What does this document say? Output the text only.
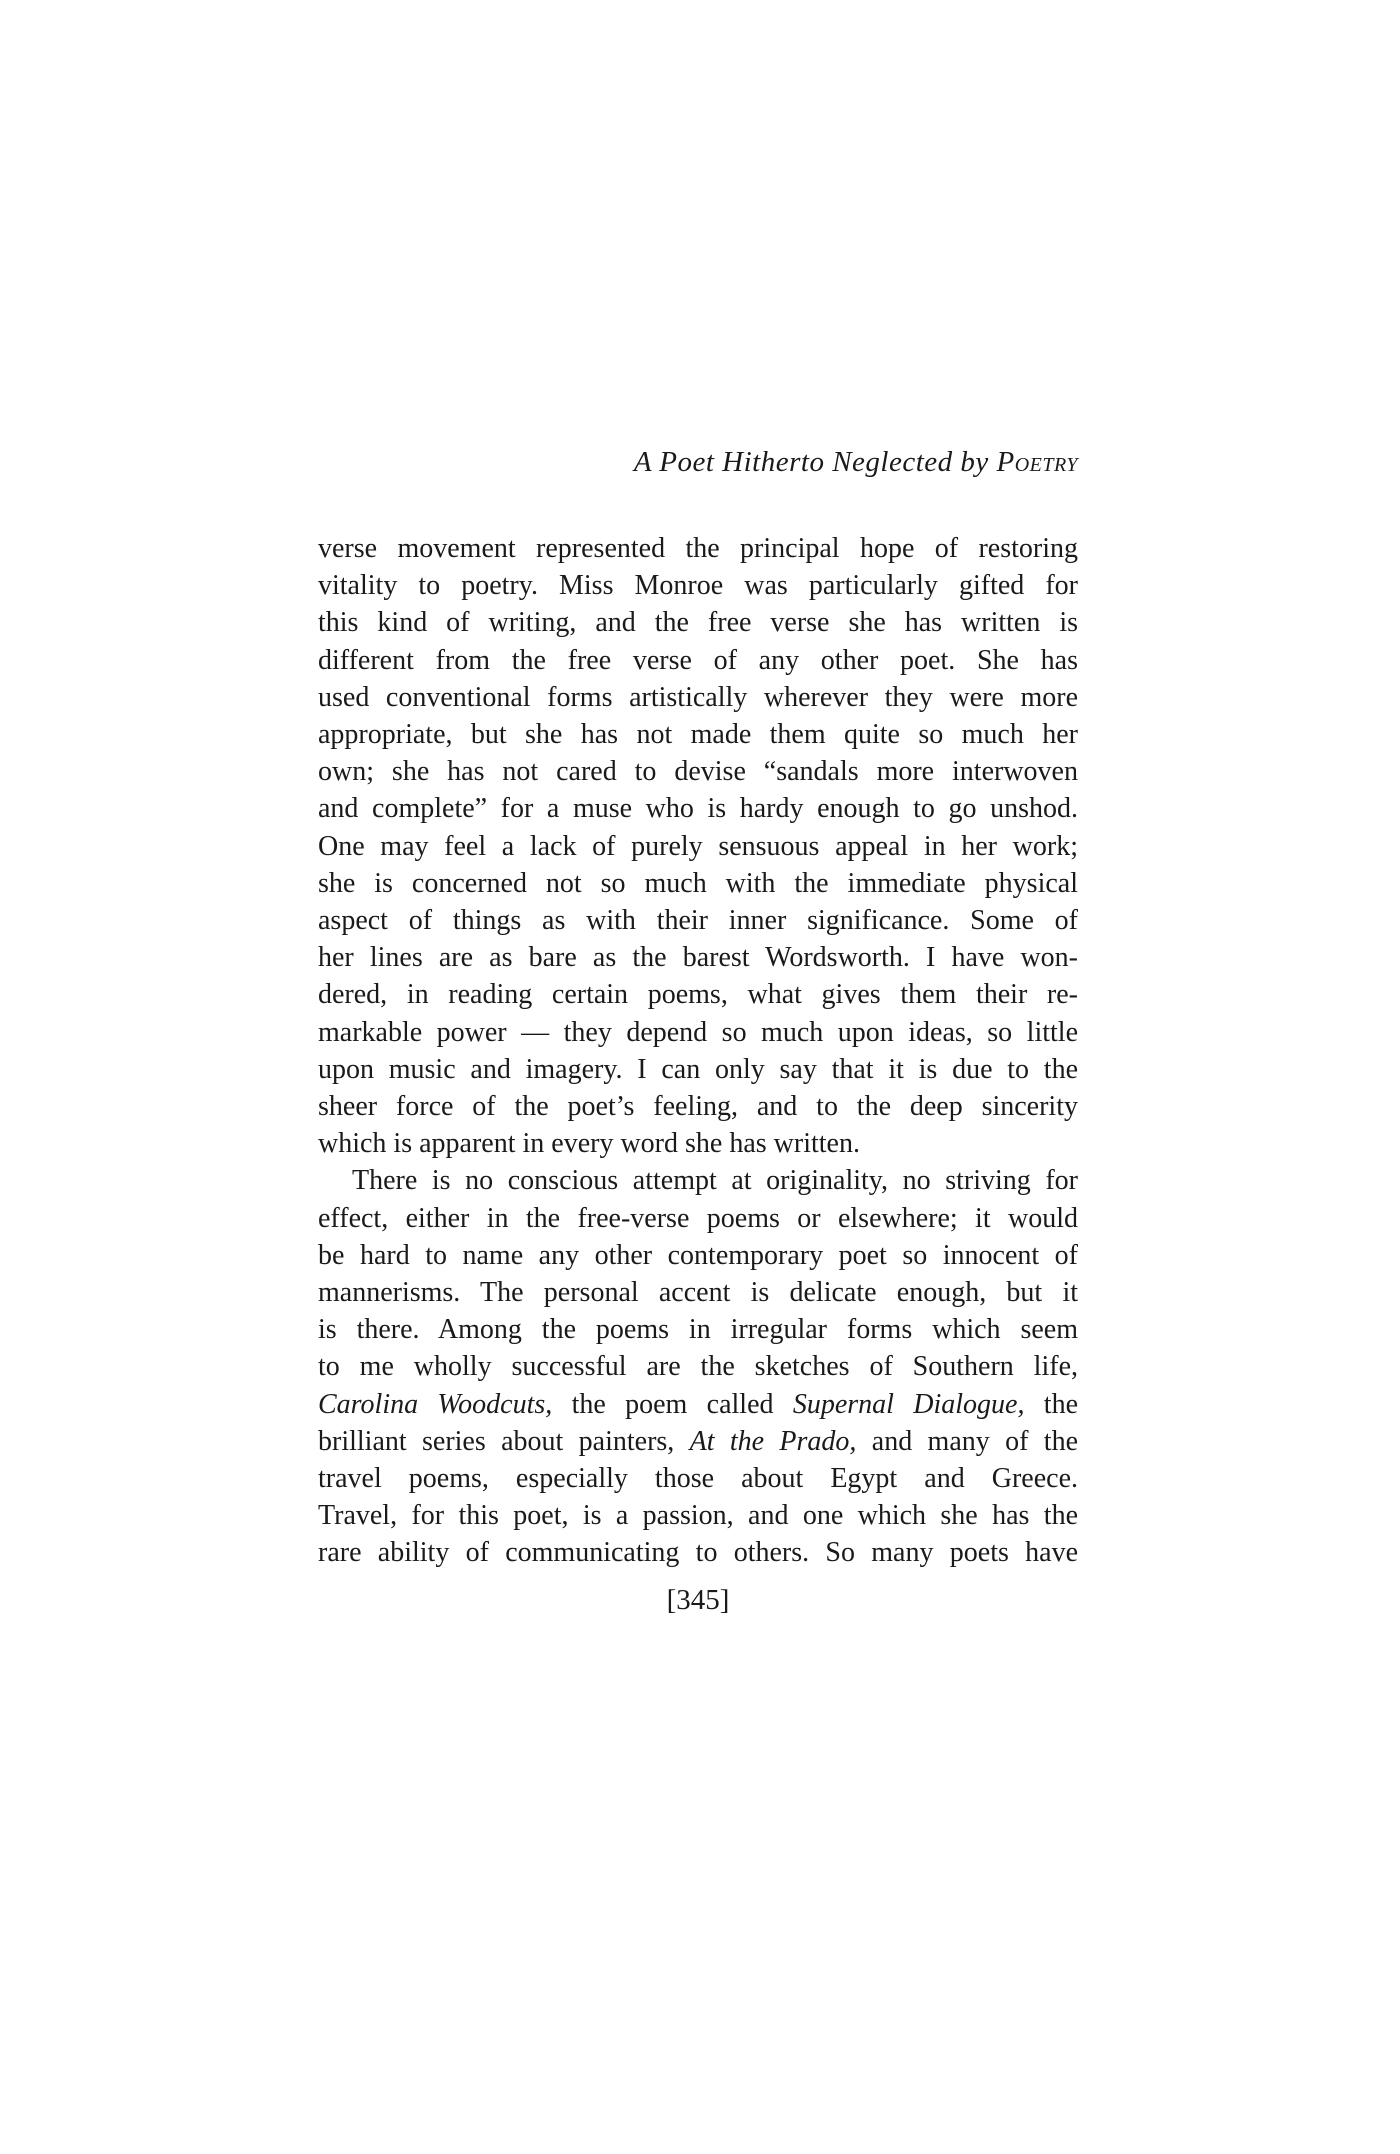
A Poet Hitherto Neglected by Poetry
verse movement represented the principal hope of restoring
vitality to poetry. Miss Monroe was particularly gifted for
this kind of writing, and the free verse she has written is
different from the free verse of any other poet. She has
used conventional forms artistically wherever they were more
appropriate, but she has not made them quite so much her
own; she has not cared to devise “sandals more interwoven
and complete” for a muse who is hardy enough to go unshod.
One may feel a lack of purely sensuous appeal in her work;
she is concerned not so much with the immediate physical
aspect of things as with their inner significance. Some of
her lines are as bare as the barest Wordsworth. I have won-
dered, in reading certain poems, what gives them their re-
markable power — they depend so much upon ideas, so little
upon music and imagery. I can only say that it is due to the
sheer force of the poet’s feeling, and to the deep sincerity
which is apparent in every word she has written.
There is no conscious attempt at originality, no striving for
effect, either in the free-verse poems or elsewhere; it would
be hard to name any other contemporary poet so innocent of
mannerisms. The personal accent is delicate enough, but it
is there. Among the poems in irregular forms which seem
to me wholly successful are the sketches of Southern life,
Carolina Woodcuts, the poem called Supernal Dialogue, the
brilliant series about painters, At the Prado, and many of the
travel poems, especially those about Egypt and Greece.
Travel, for this poet, is a passion, and one which she has the
rare ability of communicating to others. So many poets have
[345]
